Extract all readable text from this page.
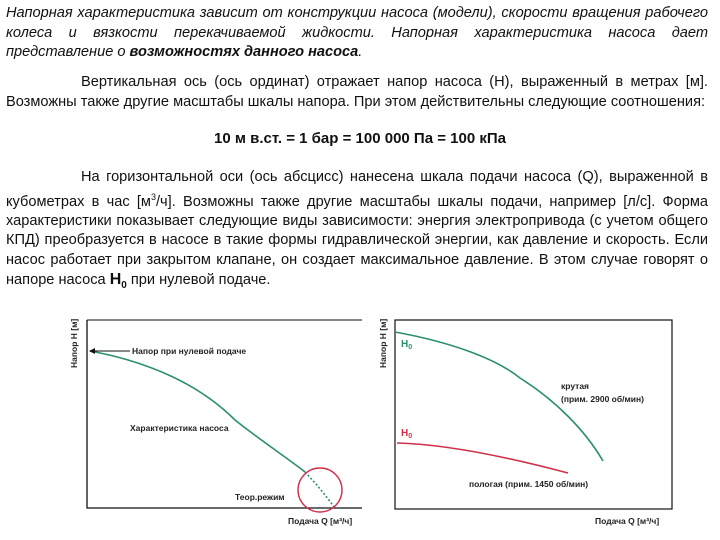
Напорная характеристика зависит от конструкции насоса (модели), скорости вращения рабочего колеса и вязкости перекачиваемой жидкости. Напорная характеристика насоса дает представление о возможностях данного насоса.
Вертикальная ось (ось ординат) отражает напор насоса (H), выраженный в метрах [м]. Возможны также другие масштабы шкалы напора. При этом действительны следующие соотношения:
10 м в.ст. = 1 бар = 100 000 Па = 100 кПа
На горизонтальной оси (ось абсцисс) нанесена шкала подачи насоса (Q), выраженной в кубометрах в час $[м^3/ч]$. Возможны также другие масштабы шкалы подачи, например [л/с]. Форма характеристики показывает следующие виды зависимости: энергия электропривода (с учетом общего КПД) преобразуется в насосе в такие формы гидравлической энергии, как давление и скорость. Если насос работает при закрытом клапане, он создает максимальное давление. В этом случае говорят о напоре насоса $H_0$ при нулевой подаче.
Напор H [м]
Подача Q [м³/ч]
Напор при нулевой подаче
Характеристика насоса
Теор.режим
Напор H [м]
Подача Q [м³/ч]
$H_0$
$H_0$
крутая
(прим. 2900 об/мин)
пологая (прим. 1450 об/мин)
